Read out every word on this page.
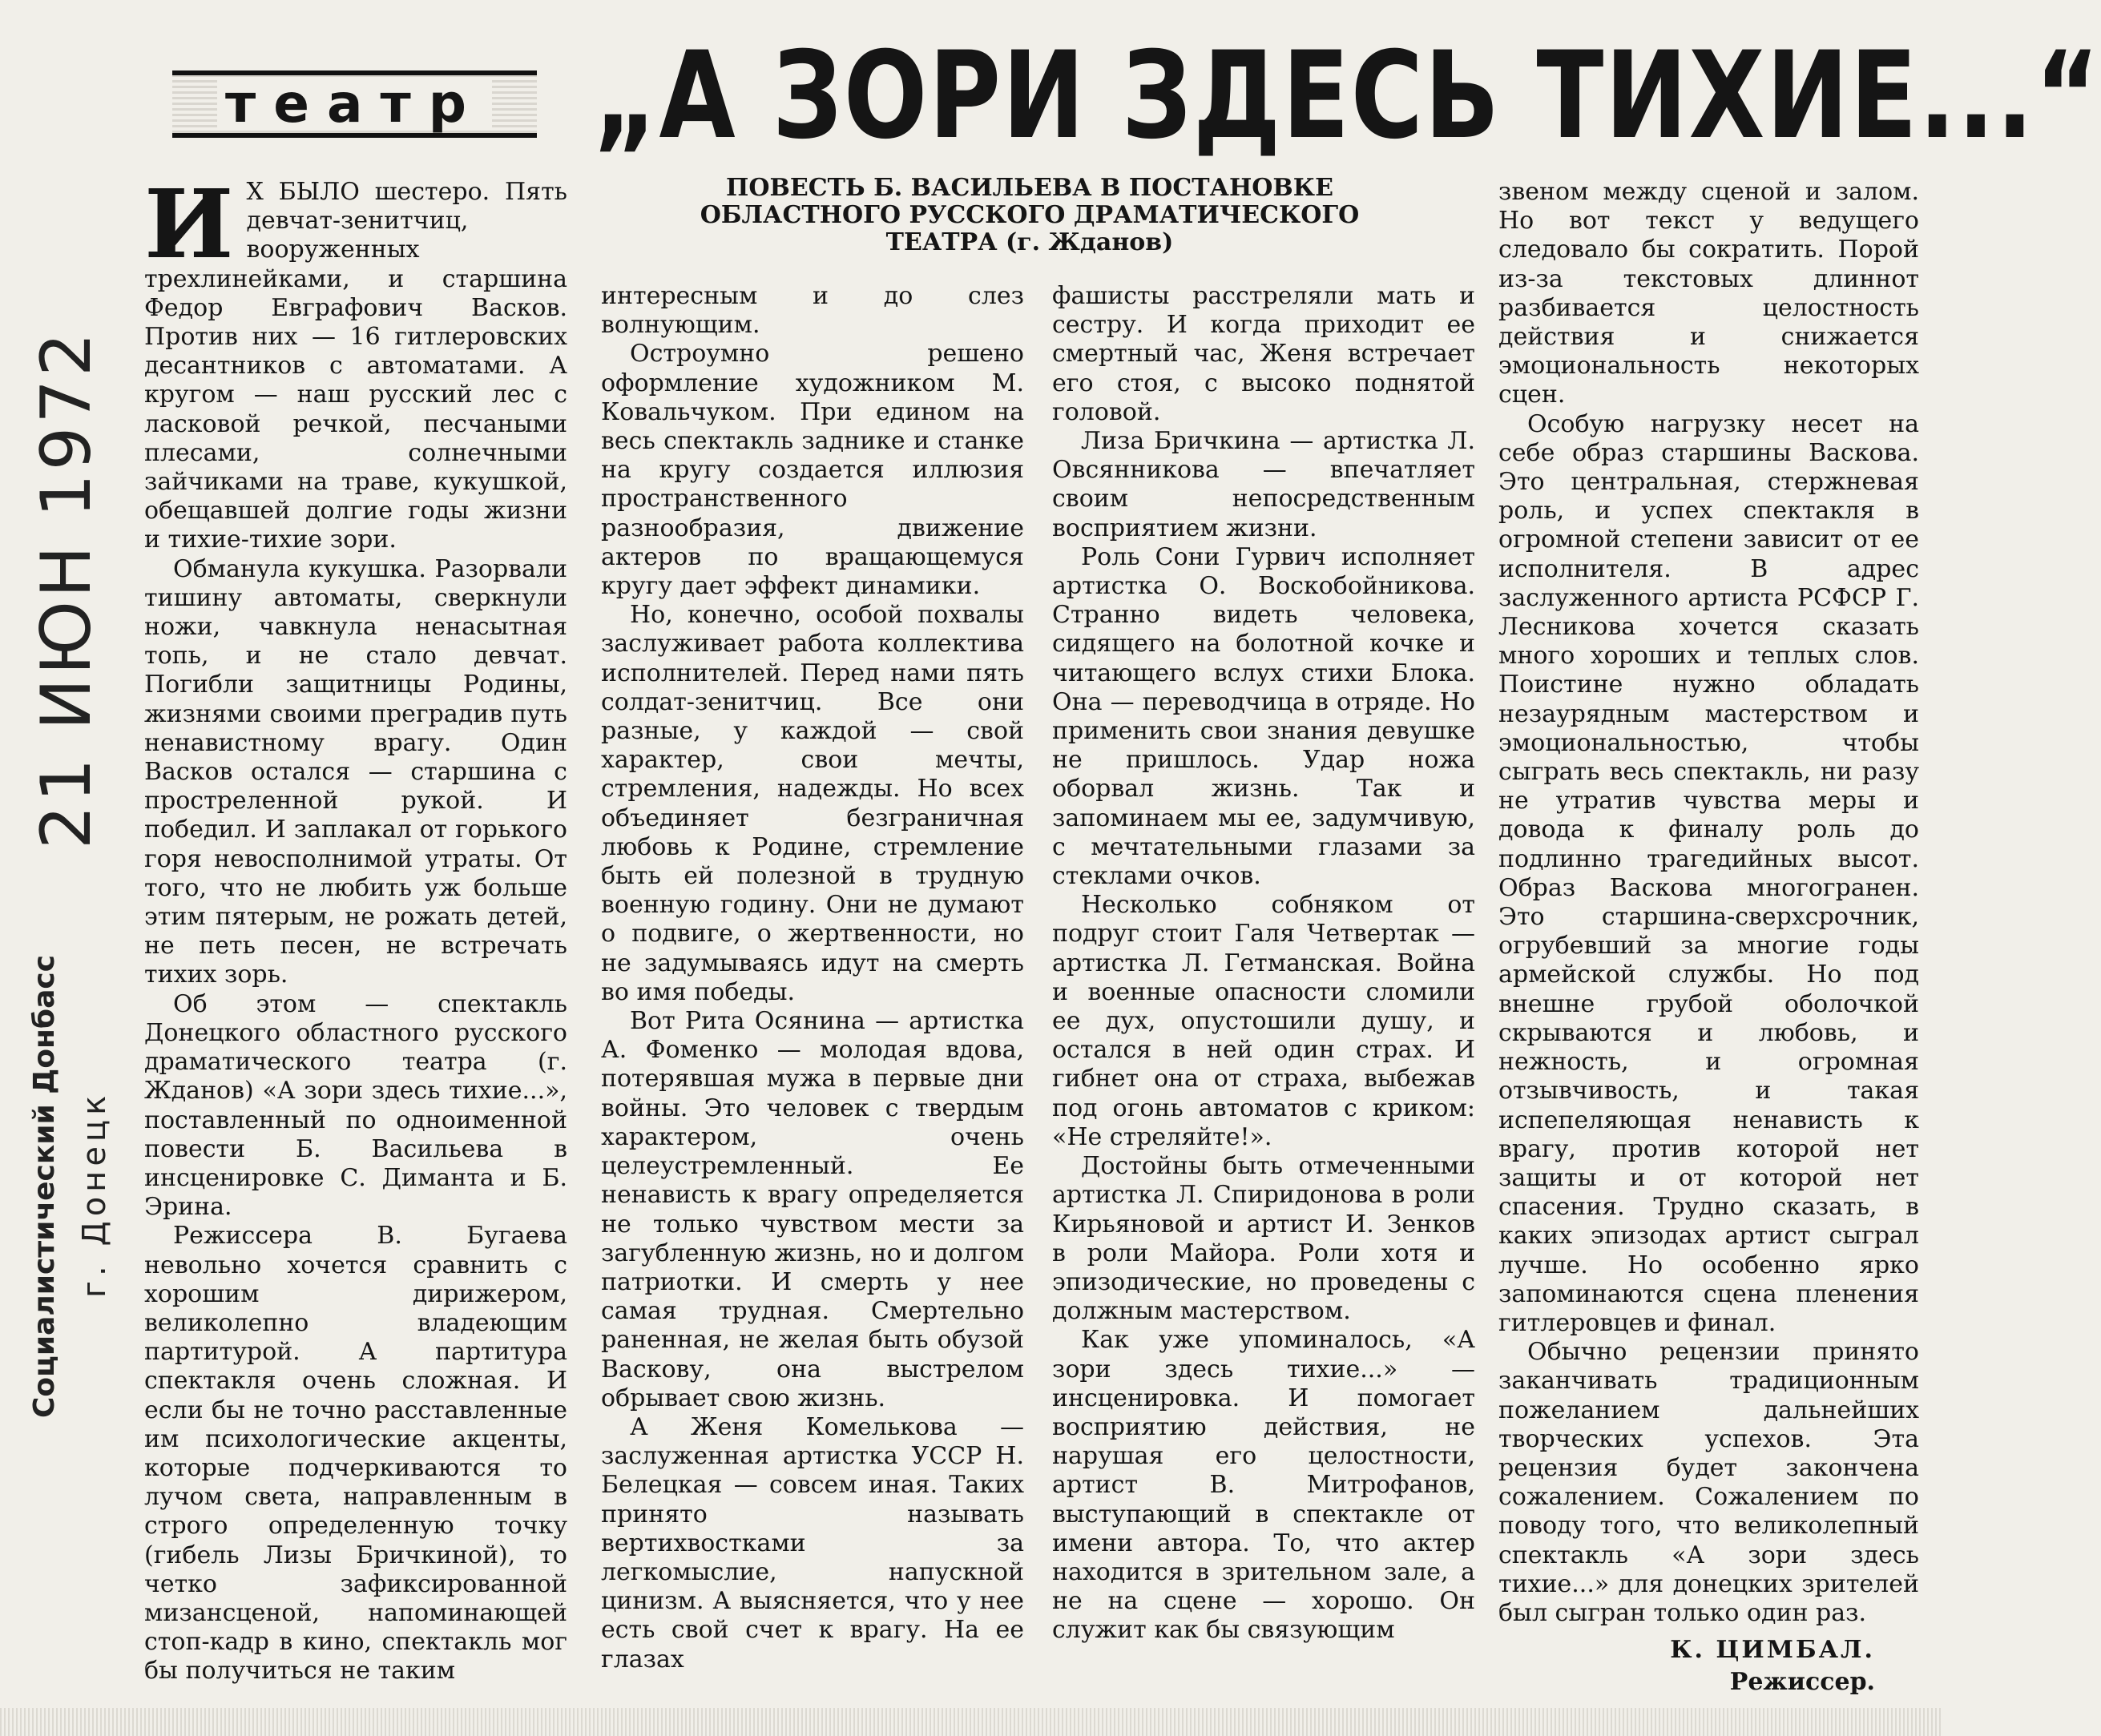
театр „А ЗОРИ ЗДЕСЬ ТИХИЕ...“
ПОВЕСТЬ Б. ВАСИЛЬЕВА В ПОСТАНОВКЕ
ОБЛАСТНОГО РУССКОГО ДРАМАТИЧЕСКОГО
ТЕАТРА (г. Жданов)
21 ИЮН 1972
Социалистический Донбасс г. Донецк

И Х БЫЛО шестеро. Пять девчат-зенитчиц, вооруженных трехлинейками, и старшина Федор Евграфович Васков. Против них — 16 гитлеровских десантников с автоматами. А кругом — наш русский лес с ласковой речкой, песчаными плесами, солнечными зайчиками на траве, кукушкой, обещавшей долгие годы жизни и тихие-тихие зори.

Обманула кукушка. Разорвали тишину автоматы, сверкнули ножи, чавкнула ненасытная топь, и не стало девчат. Погибли защитницы Родины, жизнями своими преградив путь ненавистному врагу. Один Васков остался — старшина с простреленной рукой. И победил. И заплакал от горького горя невосполнимой утраты. От того, что не любить уж больше этим пятерым, не рожать детей, не петь песен, не встречать тихих зорь.

Об этом — спектакль Донецкого областного русского драматического театра (г. Жданов) «А зори здесь тихие...», поставленный по одноименной повести Б. Васильева в инсценировке С. Диманта и Б. Эрина.

Режиссера В. Бугаева невольно хочется сравнить с хорошим дирижером, великолепно владеющим партитурой. А партитура спектакля очень сложная. И если бы не точно расставленные им психологические акценты, которые подчеркиваются то лучом света, направленным в строго определенную точку (гибель Лизы Бричкиной), то четко зафиксированной мизансценой, напоминающей стоп-кадр в кино, спектакль мог бы получиться не таким

интересным и до слез волнующим.

Остроумно решено оформление художником М. Ковальчуком. При едином на весь спектакль заднике и станке на кругу создается иллюзия пространственного разнообразия, движение актеров по вращающемуся кругу дает эффект динамики.

Но, конечно, особой похвалы заслуживает работа коллектива исполнителей. Перед нами пять солдат-зенитчиц. Все они разные, у каждой — свой характер, свои мечты, стремления, надежды. Но всех объединяет безграничная любовь к Родине, стремление быть ей полезной в трудную военную годину. Они не думают о подвиге, о жертвенности, но не задумываясь идут на смерть во имя победы.

Вот Рита Осянина — артистка А. Фоменко — молодая вдова, потерявшая мужа в первые дни войны. Это человек с твердым характером, очень целеустремленный. Ее ненависть к врагу определяется не только чувством мести за загубленную жизнь, но и долгом патриотки. И смерть у нее самая трудная. Смертельно раненная, не желая быть обузой Васкову, она выстрелом обрывает свою жизнь.

А Женя Комелькова — заслуженная артистка УССР Н. Белецкая — совсем иная. Таких принято называть вертихвостками за легкомыслие, напускной цинизм. А выясняется, что у нее есть свой счет к врагу. На ее глазах

фашисты расстреляли мать и сестру. И когда приходит ее смертный час, Женя встречает его стоя, с высоко поднятой головой.

Лиза Бричкина — артистка Л. Овсянникова — впечатляет своим непосредственным восприятием жизни.

Роль Сони Гурвич исполняет артистка О. Воскобойникова. Странно видеть человека, сидящего на болотной кочке и читающего вслух стихи Блока. Она — переводчица в отряде. Но применить свои знания девушке не пришлось. Удар ножа оборвал жизнь. Так и запоминаем мы ее, задумчивую, с мечтательными глазами за стеклами очков.

Несколько собняком от подруг стоит Галя Четвертак — артистка Л. Гетманская. Война и военные опасности сломили ее дух, опустошили душу, и остался в ней один страх. И гибнет она от страха, выбежав под огонь автоматов с криком: «Не стреляйте!».

Достойны быть отмеченными артистка Л. Спиридонова в роли Кирьяновой и артист И. Зенков в роли Майора. Роли хотя и эпизодические, но проведены с должным мастерством.

Как уже упоминалось, «А зори здесь тихие...» — инсценировка. И помогает восприятию действия, не нарушая его целостности, артист В. Митрофанов, выступающий в спектакле от имени автора. То, что актер находится в зрительном зале, а не на сцене — хорошо. Он служит как бы связующим

звеном между сценой и залом. Но вот текст у ведущего следовало бы сократить. Порой из-за текстовых длиннот разбивается целостность действия и снижается эмоциональность некоторых сцен.

Особую нагрузку несет на себе образ старшины Васкова. Это центральная, стержневая роль, и успех спектакля в огромной степени зависит от ее исполнителя. В адрес заслуженного артиста РСФСР Г. Лесникова хочется сказать много хороших и теплых слов. Поистине нужно обладать незаурядным мастерством и эмоциональностью, чтобы сыграть весь спектакль, ни разу не утратив чувства меры и довода к финалу роль до подлинно трагедийных высот. Образ Васкова многогранен. Это старшина-сверхсрочник, огрубевший за многие годы армейской службы. Но под внешне грубой оболочкой скрываются и любовь, и нежность, и огромная отзывчивость, и такая испепеляющая ненависть к врагу, против которой нет защиты и от которой нет спасения. Трудно сказать, в каких эпизодах артист сыграл лучше. Но особенно ярко запоминаются сцена пленения гитлеровцев и финал.

Обычно рецензии принято заканчивать традиционным пожеланием дальнейших творческих успехов. Эта рецензия будет закончена сожалением. Сожалением по поводу того, что великолепный спектакль «А зори здесь тихие...» для донецких зрителей был сыгран только один раз.

К. ЦИМБАЛ.
Режиссер.
